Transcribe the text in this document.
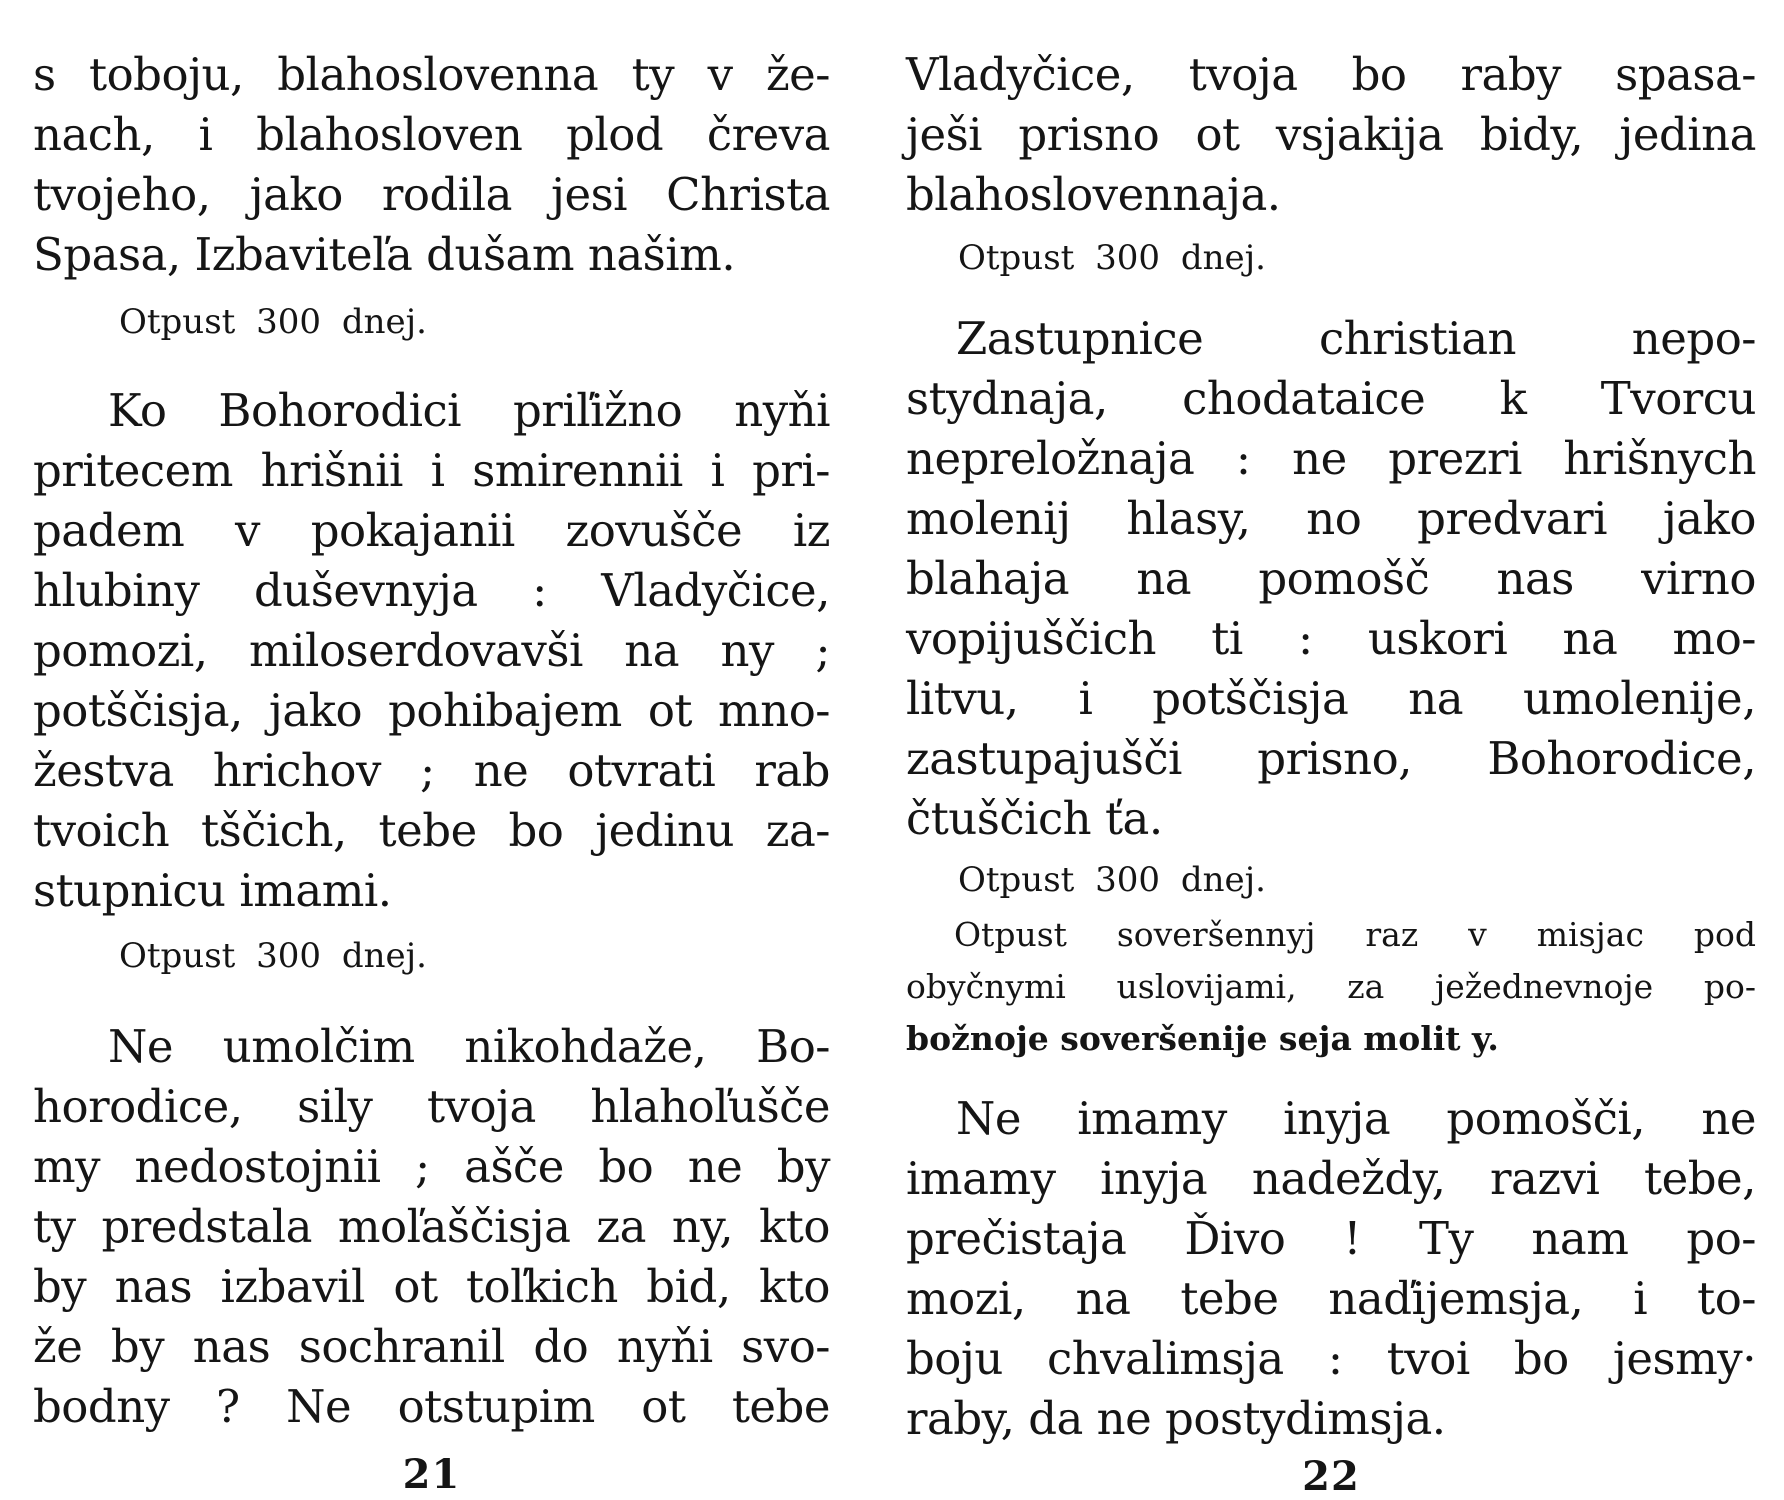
s toboju, blahoslovenna ty v že-
nach, i blahosloven plod čreva
tvojeho, jako rodila jesi Christa
Spasa, Izbaviteľa dušam našim.
Otpust 300 dnej.
Ko Bohorodici priľižno nyňi
pritecem hrišnii i smirennii i pri-
padem v pokajanii zovušče iz
hlubiny duševnyja : Vladyčice,
pomozi, miloserdovavši na ny ;
potščisja, jako pohibajem ot mno-
žestva hrichov ; ne otvrati rab
tvoich tščich, tebe bo jedinu za-
stupnicu imami.
Otpust 300 dnej.
Ne umolčim nikohdaže, Bo-
horodice, sily tvoja hlahoľušče
my nedostojnii ; ašče bo ne by
ty predstala moľaščisja za ny, kto
by nas izbavil ot toľkich bid, kto
že by nas sochranil do nyňi svo-
bodny ? Ne otstupim ot tebe
21
Vladyčice, tvoja bo raby spasa-
ješi prisno ot vsjakija bidy, jedina
blahoslovennaja.
Otpust 300 dnej.
Zastupnice christian nepo-
stydnaja, chodataice k Tvorcu
nepreložnaja : ne prezri hrišnych
molenij hlasy, no predvari jako
blahaja na pomošč nas virno
vopijuščich ti : uskori na mo-
litvu, i potščisja na umolenije,
zastupajušči prisno, Bohorodice,
čtuščich ťa.
Otpust 300 dnej.
Otpust soveršennyj raz v misjac pod
obyčnymi uslovijami, za ježednevnoje po-
božnoje soveršenije seja molit y.
Ne imamy inyja pomošči, ne
imamy inyja nadeždy, razvi tebe,
prečistaja Ďivo ! Ty nam po-
mozi, na tebe naďijemsja, i to-
boju chvalimsja : tvoi bo jesmy·
raby, da ne postydimsja.
22
